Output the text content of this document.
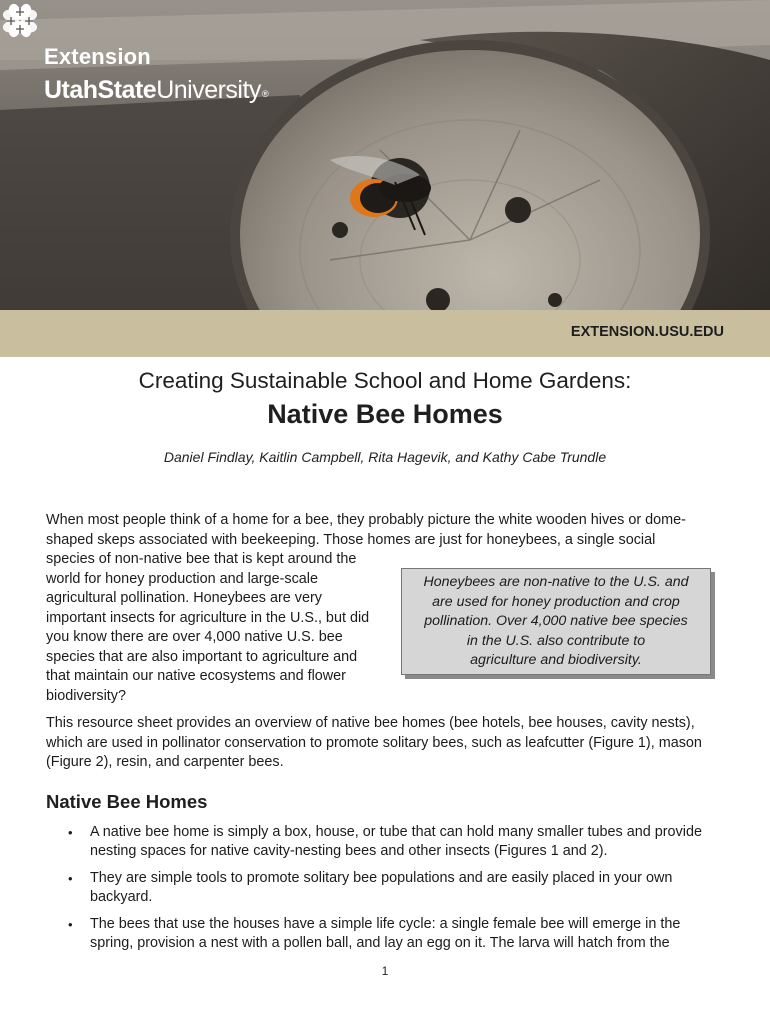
Extension
UtahStateUniversity®
EXTENSION.USU.EDU
Creating Sustainable School and Home Gardens:
Native Bee Homes
Daniel Findlay, Kaitlin Campbell, Rita Hagevik, and Kathy Cabe Trundle
When most people think of a home for a bee, they probably picture the white wooden hives or dome-shaped skeps associated with beekeeping. Those homes are just for honeybees, a single social
species of non-native bee that is kept around the world for honey production and large-scale agricultural pollination. Honeybees are very important insects for agriculture in the U.S., but did you know there are over 4,000 native U.S. bee species that are also important to agriculture and that maintain our native ecosystems and flower biodiversity?
Honeybees are non-native to the U.S. and
are used for honey production and crop
pollination. Over 4,000 native bee species
in the U.S. also contribute to
agriculture and biodiversity.
This resource sheet provides an overview of native bee homes (bee hotels, bee houses, cavity nests), which are used in pollinator conservation to promote solitary bees, such as leafcutter (Figure 1), mason (Figure 2), resin, and carpenter bees.
Native Bee Homes
• A native bee home is simply a box, house, or tube that can hold many smaller tubes and provide nesting spaces for native cavity-nesting bees and other insects (Figures 1 and 2).
• They are simple tools to promote solitary bee populations and are easily placed in your own backyard.
• The bees that use the houses have a simple life cycle: a single female bee will emerge in the spring, provision a nest with a pollen ball, and lay an egg on it. The larva will hatch from the
1
